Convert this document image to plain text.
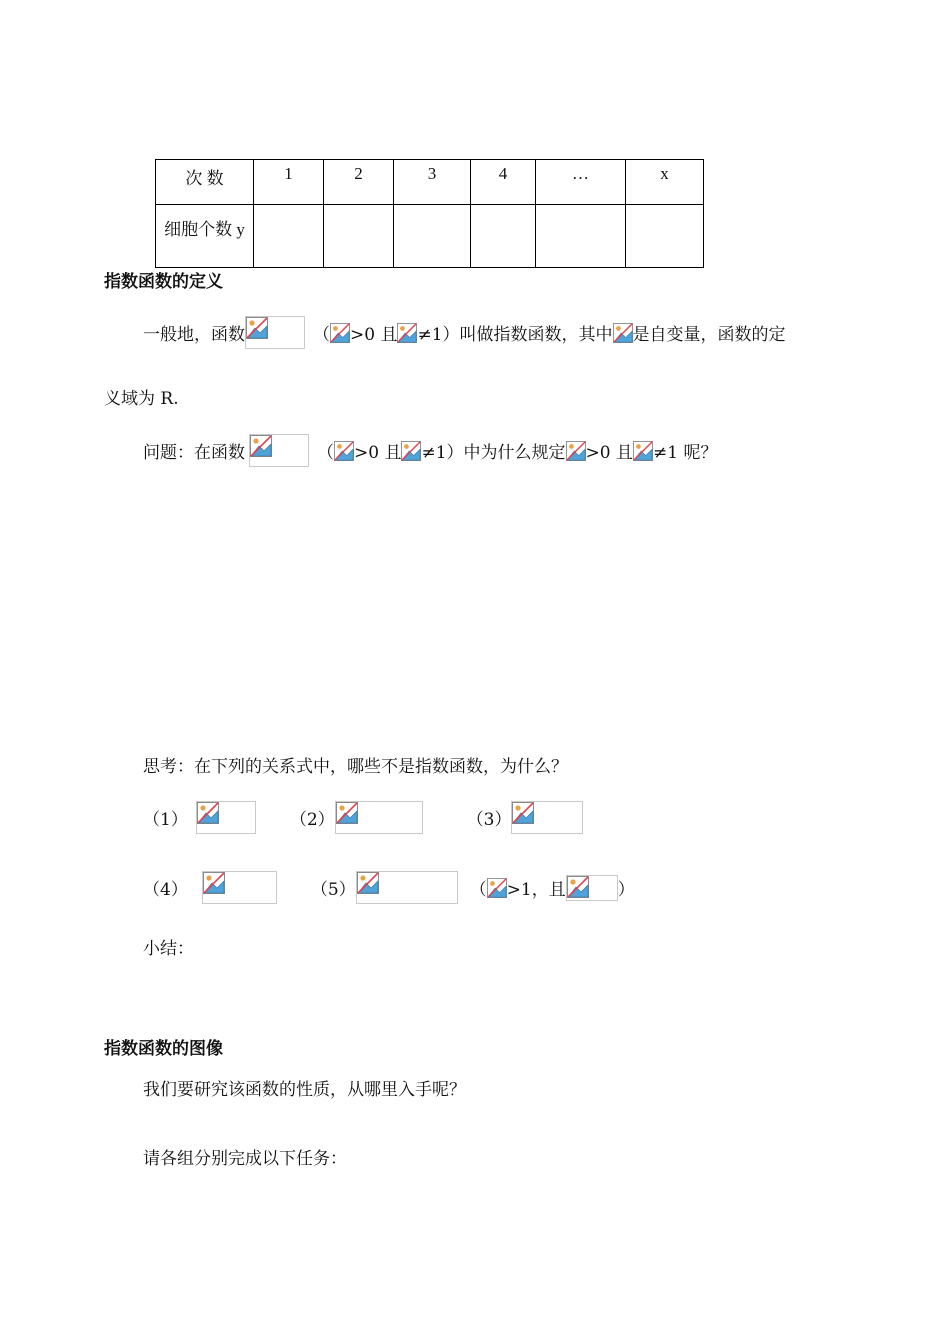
次 数	1	2	3	4	…	x
细胞个数 y						
指数函数的定义
一般地，函数	（ >0 且 ≠1）叫做指数函数，其中 是自变量，函数的定
义域为 R.
问题：在函数	（ >0 且 ≠1）中为什么规定 >0 且 ≠1 呢？
思考：在下列的关系式中，哪些不是指数函数，为什么？
（1）	（2）	（3）
（4）	（5）	（ >1，且	）
小结：
指数函数的图像
我们要研究该函数的性质，从哪里入手呢？
请各组分别完成以下任务：
